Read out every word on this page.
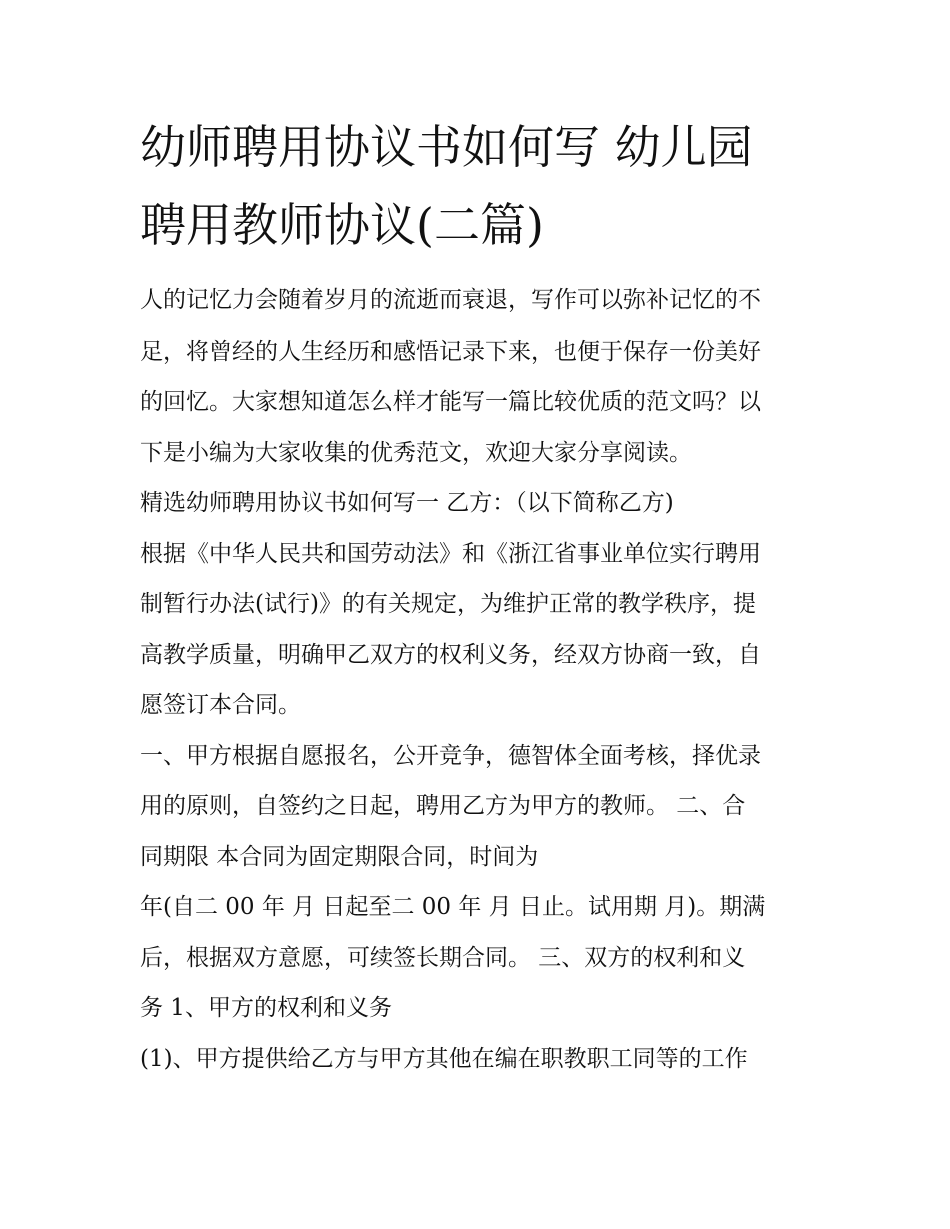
幼师聘用协议书如何写 幼儿园
聘用教师协议(二篇)

人的记忆力会随着岁月的流逝而衰退，写作可以弥补记忆的不

足，将曾经的人生经历和感悟记录下来，也便于保存一份美好

的回忆。大家想知道怎么样才能写一篇比较优质的范文吗？以

下是小编为大家收集的优秀范文，欢迎大家分享阅读。

精选幼师聘用协议书如何写一 乙方：（以下简称乙方)

根据《中华人民共和国劳动法》和《浙江省事业单位实行聘用

制暂行办法(试行)》的有关规定，为维护正常的教学秩序，提

高教学质量，明确甲乙双方的权利义务，经双方协商一致，自

愿签订本合同。

一、甲方根据自愿报名，公开竞争，德智体全面考核，择优录

用的原则，自签约之日起，聘用乙方为甲方的教师。 二、合

同期限 本合同为固定期限合同，时间为

年(自二 00 年 月 日起至二 00 年 月 日止。试用期 月)。期满

后，根据双方意愿，可续签长期合同。 三、双方的权利和义

务 1、甲方的权利和义务

(1)、甲方提供给乙方与甲方其他在编在职教职工同等的工作
